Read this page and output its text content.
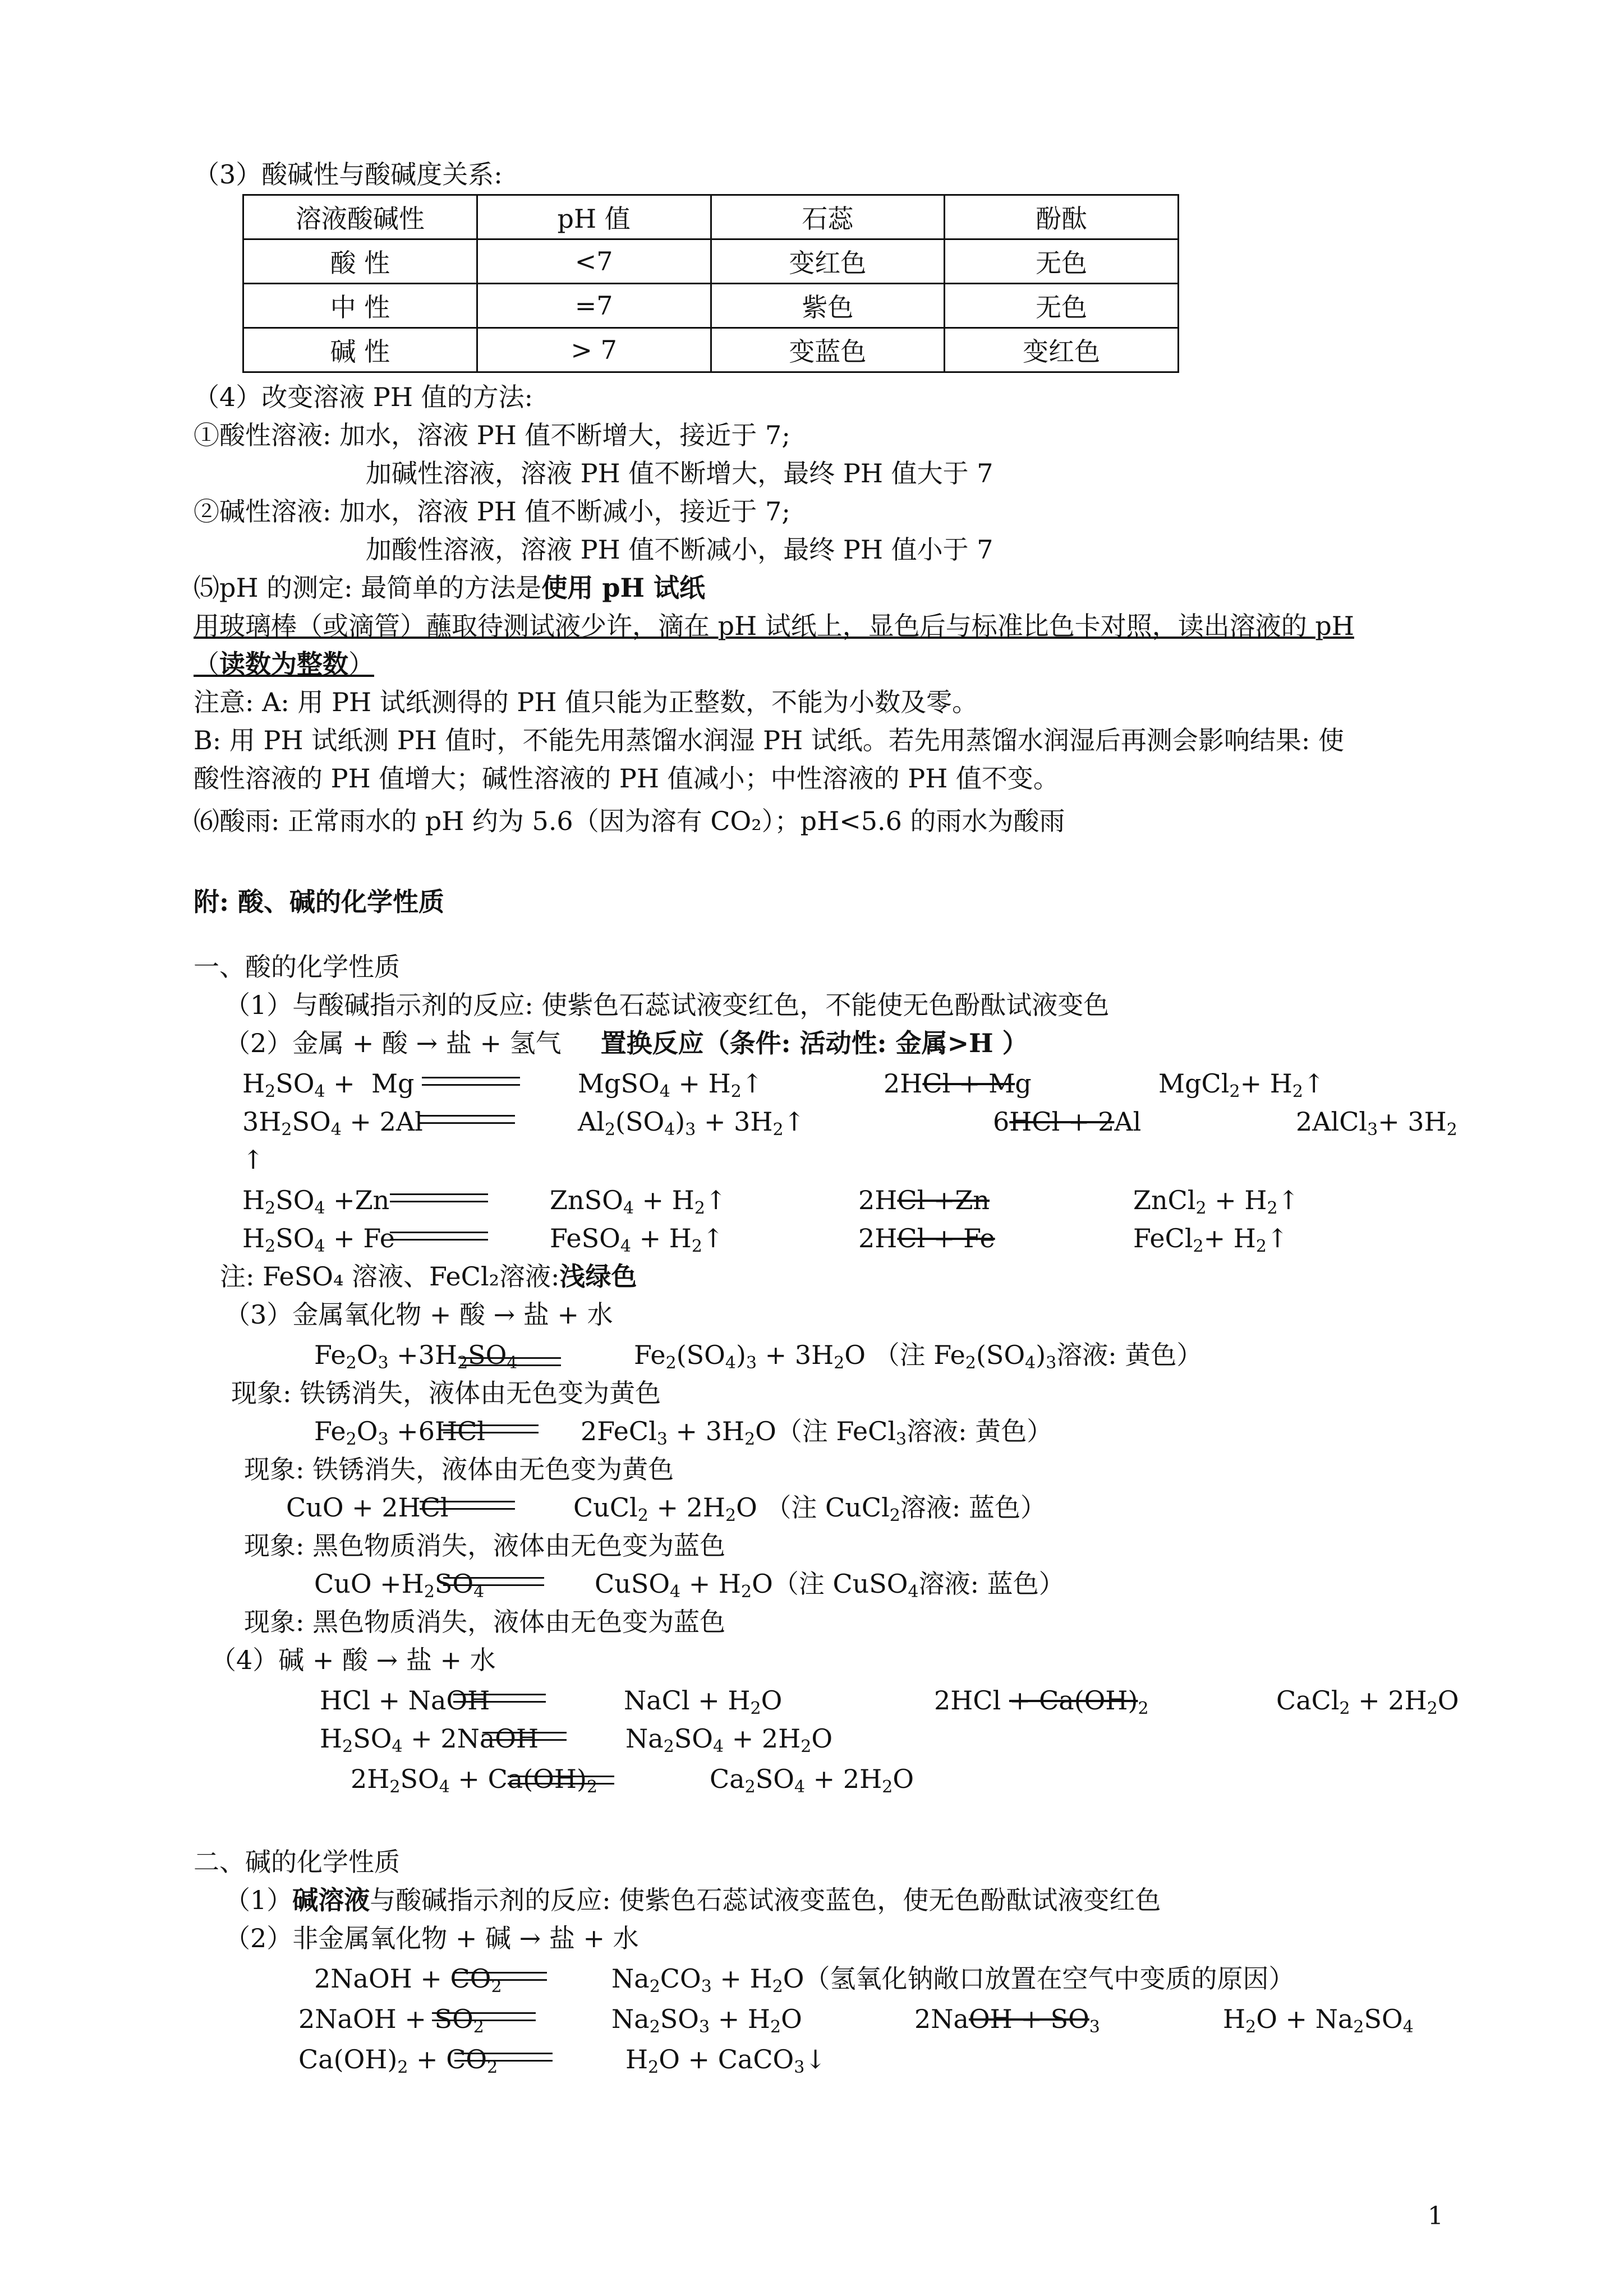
（3）酸碱性与酸碱度关系:
溶液酸碱性	pH 值	石蕊	酚酞
酸 性	<7	变红色	无色
中 性	=7	紫色	无色
碱 性	> 7	变蓝色	变红色
（4）改变溶液 PH 值的方法:
①酸性溶液: 加水，溶液 PH 值不断增大，接近于 7;
加碱性溶液，溶液 PH 值不断增大，最终 PH 值大于 7
②碱性溶液: 加水，溶液 PH 值不断减小，接近于 7;
加酸性溶液，溶液 PH 值不断减小，最终 PH 值小于 7
⑸pH 的测定: 最简单的方法是使用 pH 试纸
用玻璃棒（或滴管）蘸取待测试液少许，滴在 pH 试纸上，显色后与标准比色卡对照，读出溶液的 pH
（读数为整数）
注意: A: 用 PH 试纸测得的 PH 值只能为正整数，不能为小数及零。
B: 用 PH 试纸测 PH 值时，不能先用蒸馏水润湿 PH 试纸。若先用蒸馏水润湿后再测会影响结果: 使
酸性溶液的 PH 值增大；碱性溶液的 PH 值减小；中性溶液的 PH 值不变。
⑹酸雨: 正常雨水的 pH 约为 5.6（因为溶有 CO₂）；pH<5.6 的雨水为酸雨
附: 酸、碱的化学性质
一、酸的化学性质
（1）与酸碱指示剂的反应: 使紫色石蕊试液变红色，不能使无色酚酞试液变色
（2）金属 + 酸 → 盐 + 氢气 置换反应（条件: 活动性: 金属>H ）
$H_2SO_4 + Mg$	MgSO$_4$ + $H_2↑$	2HCl + Mg	MgCl$_2$+ $H_2↑$
$3H_2SO_4 + 2Al$	$Al_2(SO_4)_3$ + $3H_2↑$	6HCl + 2Al	2AlCl$_3$+ $3H_2$
↑
$H_2SO_4 +Zn$	ZnSO$_4$ + $H_2↑$	2HCl +Zn	ZnCl$_2$ + $H_2↑$
$H_2SO_4 + Fe$	FeSO$_4$ + $H_2↑$	2HCl + Fe	FeCl$_2$+ $H_2↑$
注: FeSO₄ 溶液、FeCl₂溶液:浅绿色
（3）金属氧化物 + 酸 → 盐 + 水
$Fe_2O_3 +3H_2SO_4$	$Fe_2(SO_4)_3 + 3H_2O$ （注 $Fe_2(SO_4)_3$溶液: 黄色）
现象: 铁锈消失，液体由无色变为黄色
$Fe_2O_3 +6HCl$	2FeCl$_3$ + $3H_2O$（注 FeCl$_3$溶液: 黄色）
现象: 铁锈消失，液体由无色变为黄色
CuO + 2HCl	CuCl$_2$ + $2H_2O$ （注 CuCl$_2$溶液: 蓝色）
现象: 黑色物质消失，液体由无色变为蓝色
CuO $+H_2SO_4$	CuSO$_4$ + $H_2O$（注 CuSO$_4$溶液: 蓝色）
现象: 黑色物质消失，液体由无色变为蓝色
（4）碱 + 酸 → 盐 + 水
HCl + NaOH	NaCl + $H_2O$	$2HCl + Ca(OH)_2$	CaCl$_2$ + $2H_2O$
$H_2SO_4$ + 2NaOH	$Na_2SO_4 + 2H_2O$
$2H_2SO_4 + Ca(OH)_2$	$Ca_2SO_4 + 2H_2O$
二、碱的化学性质
（1）碱溶液与酸碱指示剂的反应: 使紫色石蕊试液变蓝色，使无色酚酞试液变红色
（2）非金属氧化物 + 碱 → 盐 + 水
2NaOH + $CO_2$	$Na_2CO_3 + H_2O$（氢氧化钠敞口放置在空气中变质的原因）
2NaOH + $SO_2$	$Na_2SO_3 + H_2O$	2NaOH + $SO_3$	$H_2O + Na_2SO_4$
$Ca(OH)_2 + CO_2$	$H_2O$ + CaCO$_3$↓
1
